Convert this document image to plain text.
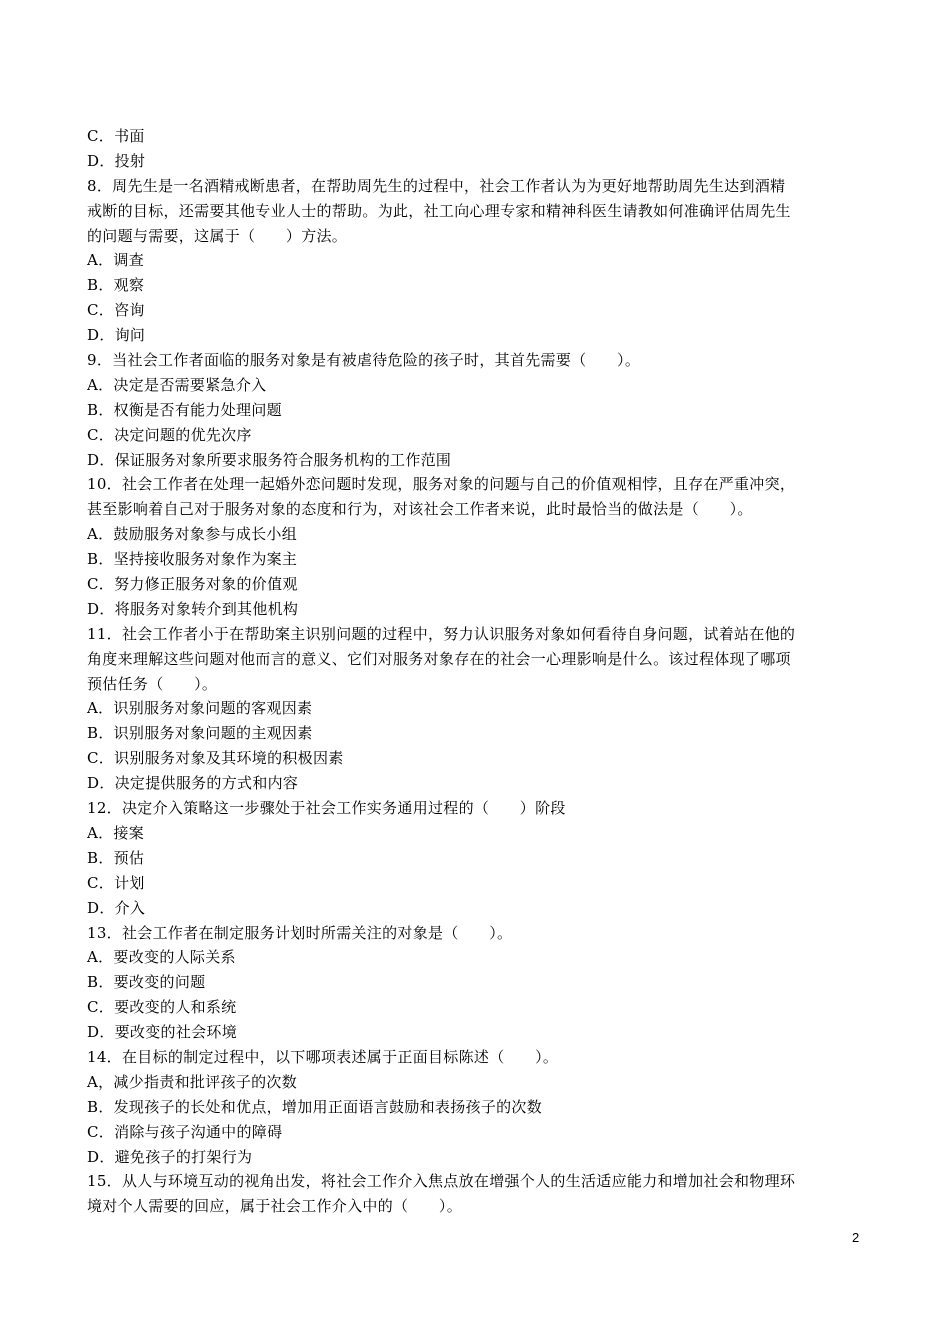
C．书面
D．投射
8．周先生是一名酒精戒断患者，在帮助周先生的过程中，社会工作者认为为更好地帮助周先生达到酒精
戒断的目标，还需要其他专业人士的帮助。为此，社工向心理专家和精神科医生请教如何准确评估周先生
的问题与需要，这属于（　　）方法。
A．调查
B．观察
C．咨询
D．询问
9．当社会工作者面临的服务对象是有被虐待危险的孩子时，其首先需要（　　）。
A．决定是否需要紧急介入
B．权衡是否有能力处理问题
C．决定问题的优先次序
D．保证服务对象所要求服务符合服务机构的工作范围
10．社会工作者在处理一起婚外恋问题时发现，服务对象的问题与自己的价值观相悖，且存在严重冲突，
甚至影响着自己对于服务对象的态度和行为，对该社会工作者来说，此时最恰当的做法是（　　）。
A．鼓励服务对象参与成长小组
B．坚持接收服务对象作为案主
C．努力修正服务对象的价值观
D．将服务对象转介到其他机构
11．社会工作者小于在帮助案主识别问题的过程中，努力认识服务对象如何看待自身问题，试着站在他的
角度来理解这些问题对他而言的意义、它们对服务对象存在的社会一心理影响是什么。该过程体现了哪项
预估任务（　　）。
A．识别服务对象问题的客观因素
B．识别服务对象问题的主观因素
C．识别服务对象及其环境的积极因素
D．决定提供服务的方式和内容
12．决定介入策略这一步骤处于社会工作实务通用过程的（　　）阶段
A．接案
B．预估
C．计划
D．介入
13．社会工作者在制定服务计划时所需关注的对象是（　　）。
A．要改变的人际关系
B．要改变的问题
C．要改变的人和系统
D．要改变的社会环境
14．在目标的制定过程中，以下哪项表述属于正面目标陈述（　　）。
A，减少指责和批评孩子的次数
B．发现孩子的长处和优点，增加用正面语言鼓励和表扬孩子的次数
C．消除与孩子沟通中的障碍
D．避免孩子的打架行为
15．从人与环境互动的视角出发，将社会工作介入焦点放在增强个人的生活适应能力和增加社会和物理环
境对个人需要的回应，属于社会工作介入中的（　　）。
2
